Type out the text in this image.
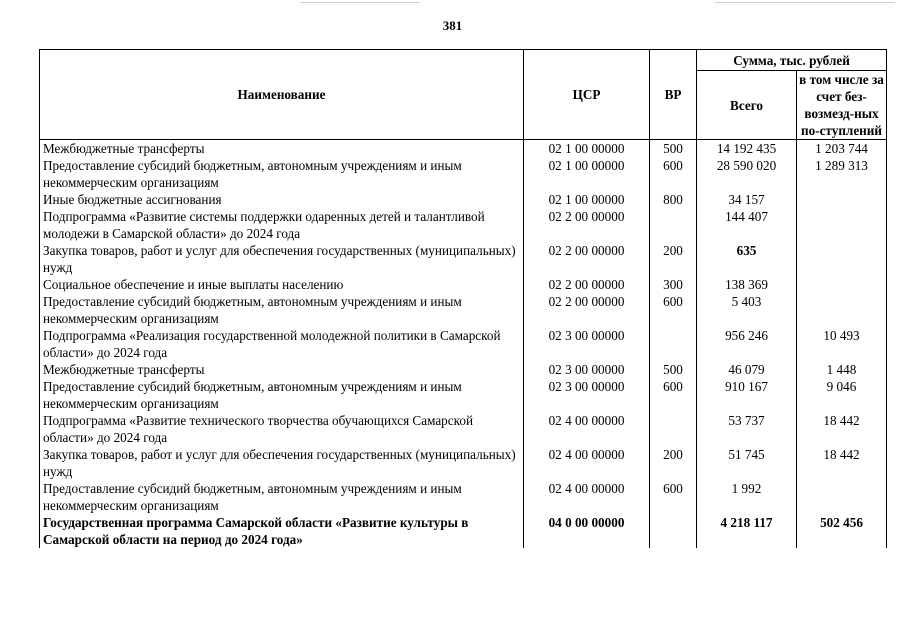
381
Наименование	ЦСР	ВР	Сумма, тыс. рублей	
			Всего	в том числе за счет без-возмезд-ных по-ступлений
Межбюджетные трансферты	02 1 00 00000	500	14 192 435	1 203 744
Предоставление субсидий бюджетным, автономным учреждениям и иным некоммерческим организациям	02 1 00 00000	600	28 590 020	1 289 313
Иные бюджетные ассигнования	02 1 00 00000	800	34 157	
Подпрограмма «Развитие системы поддержки одаренных детей и талантливой молодежи в Самарской области» до 2024 года	02 2 00 00000		144 407	
Закупка товаров, работ и услуг для обеспечения государственных (муниципальных) нужд	02 2 00 00000	200	635	
Социальное обеспечение и иные выплаты населению	02 2 00 00000	300	138 369	
Предоставление субсидий бюджетным, автономным учреждениям и иным некоммерческим организациям	02 2 00 00000	600	5 403	
Подпрограмма «Реализация государственной молодежной политики в Самарской области» до 2024 года	02 3 00 00000		956 246	10 493
Межбюджетные трансферты	02 3 00 00000	500	46 079	1 448
Предоставление субсидий бюджетным, автономным учреждениям и иным некоммерческим организациям	02 3 00 00000	600	910 167	9 046
Подпрограмма «Развитие технического творчества обучающихся Самарской области» до 2024 года	02 4 00 00000		53 737	18 442
Закупка товаров, работ и услуг для обеспечения государственных (муниципальных) нужд	02 4 00 00000	200	51 745	18 442
Предоставление субсидий бюджетным, автономным учреждениям и иным некоммерческим организациям	02 4 00 00000	600	1 992	
Государственная программа Самарской области «Развитие культуры в Самарской области на период до 2024 года»	04 0 00 00000		4 218 117	502 456
